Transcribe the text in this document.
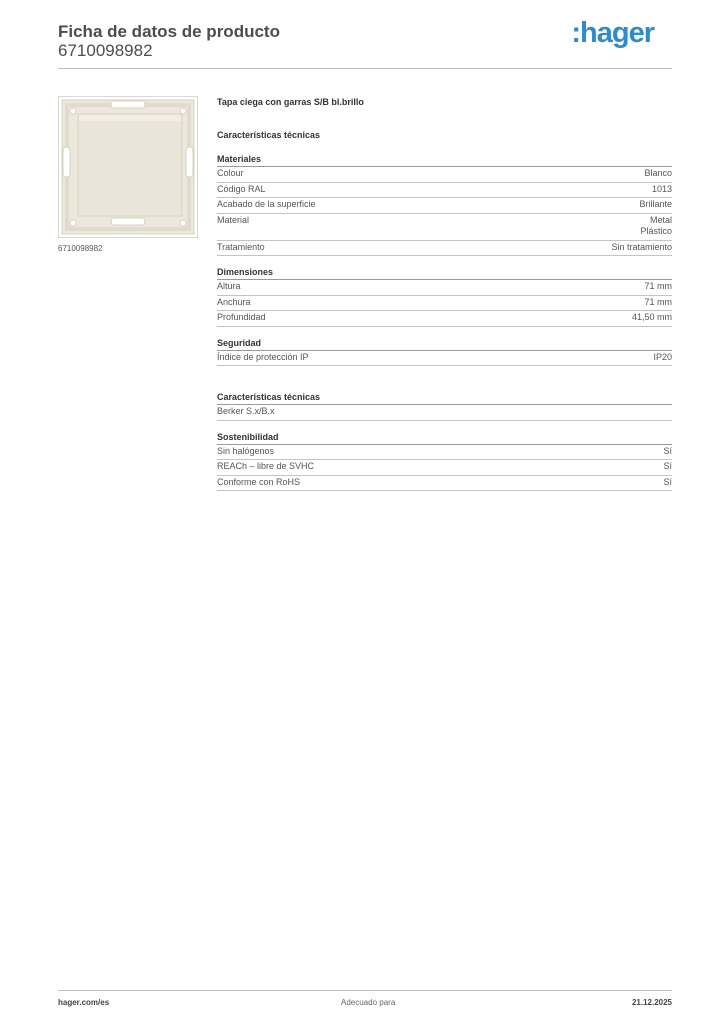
Ficha de datos de producto
6710098982
:hager
6710098982
Tapa ciega con garras S/B bl.brillo
Características técnicas
Materiales
Colour	Blanco
Código RAL	1013
Acabado de la superficie	Brillante
Material	Metal
Plástico
Tratamiento	Sin tratamiento
Dimensiones
Altura	71 mm
Anchura	71 mm
Profundidad	41,50 mm
Seguridad
Índice de protección IP	IP20
Características técnicas
Berker S.x/B.x
Sostenibilidad
Sin halógenos	Sí
REACh – libre de SVHC	Sí
Conforme con RoHS	Sí
hager.com/es	Adecuado para	21.12.2025
